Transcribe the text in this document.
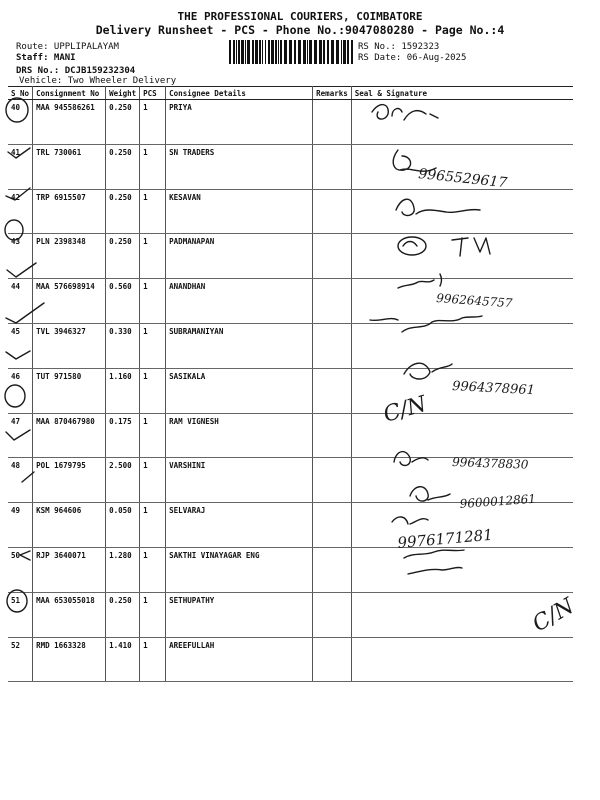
THE PROFESSIONAL COURIERS, COIMBATORE
Delivery Runsheet - PCS - Phone No.:9047080280 - Page No.:4
Route: UPPLIPALAYAM
Staff: MANI
DRS No.: DCJB159232304
Vehicle: Two Wheeler Delivery
RS No.: 1592323
RS Date: 06-Aug-2025
S No	Consignment No	Weight	PCS	Consignee Details	Remarks	Seal & Signature
40	MAA 945586261	0.250	1	PRIYA		
41	TRL 730061	0.250	1	SN TRADERS		
42	TRP 6915507	0.250	1	KESAVAN		
43	PLN 2398348	0.250	1	PADMANAPAN		
44	MAA 576698914	0.560	1	ANANDHAN		
45	TVL 3946327	0.330	1	SUBRAMANIYAN		
46	TUT 971580	1.160	1	SASIKALA		
47	MAA 870467980	0.175	1	RAM VIGNESH		
48	POL 1679795	2.500	1	VARSHINI		
49	KSM 964606	0.050	1	SELVARAJ		
50	RJP 3640071	1.280	1	SAKTHI VINAYAGAR ENG		
51	MAA 653055018	0.250	1	SETHUPATHY		
52	RMD 1663328	1.410	1	AREEFULLAH		
9965529617
9962645757
9964378961
C/N
9964378830
9600012861
9976171281
C/N
